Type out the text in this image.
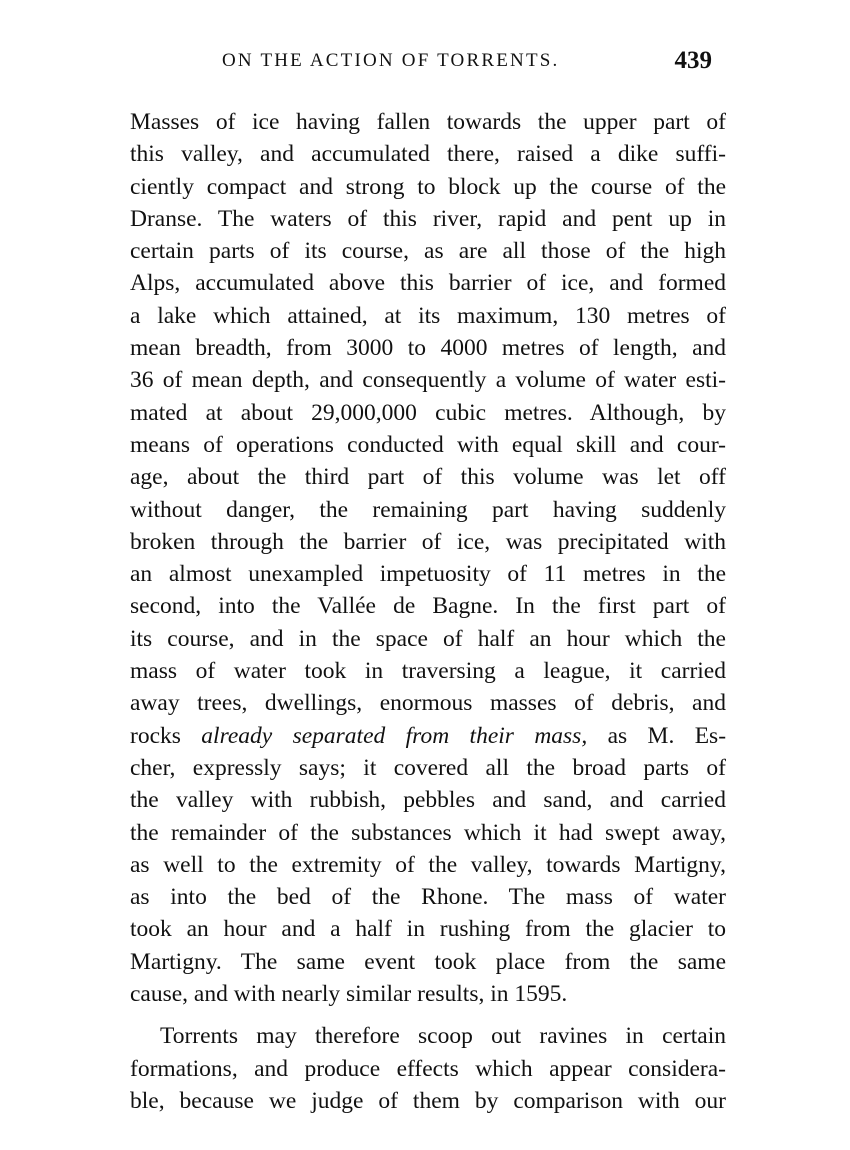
ON THE ACTION OF TORRENTS.	439
Masses of ice having fallen towards the upper part of
this valley, and accumulated there, raised a dike suffi-
ciently compact and strong to block up the course of the
Dranse. The waters of this river, rapid and pent up in
certain parts of its course, as are all those of the high
Alps, accumulated above this barrier of ice, and formed
a lake which attained, at its maximum, 130 metres of
mean breadth, from 3000 to 4000 metres of length, and
36 of mean depth, and consequently a volume of water esti-
mated at about 29,000,000 cubic metres. Although, by
means of operations conducted with equal skill and cour-
age, about the third part of this volume was let off
without danger, the remaining part having suddenly
broken through the barrier of ice, was precipitated with
an almost unexampled impetuosity of 11 metres in the
second, into the Vallée de Bagne. In the first part of
its course, and in the space of half an hour which the
mass of water took in traversing a league, it carried
away trees, dwellings, enormous masses of debris, and
rocks already separated from their mass, as M. Es-
cher, expressly says; it covered all the broad parts of
the valley with rubbish, pebbles and sand, and carried
the remainder of the substances which it had swept away,
as well to the extremity of the valley, towards Martigny,
as into the bed of the Rhone. The mass of water
took an hour and a half in rushing from the glacier to
Martigny. The same event took place from the same
cause, and with nearly similar results, in 1595.
Torrents may therefore scoop out ravines in certain
formations, and produce effects which appear considera-
ble, because we judge of them by comparison with our
